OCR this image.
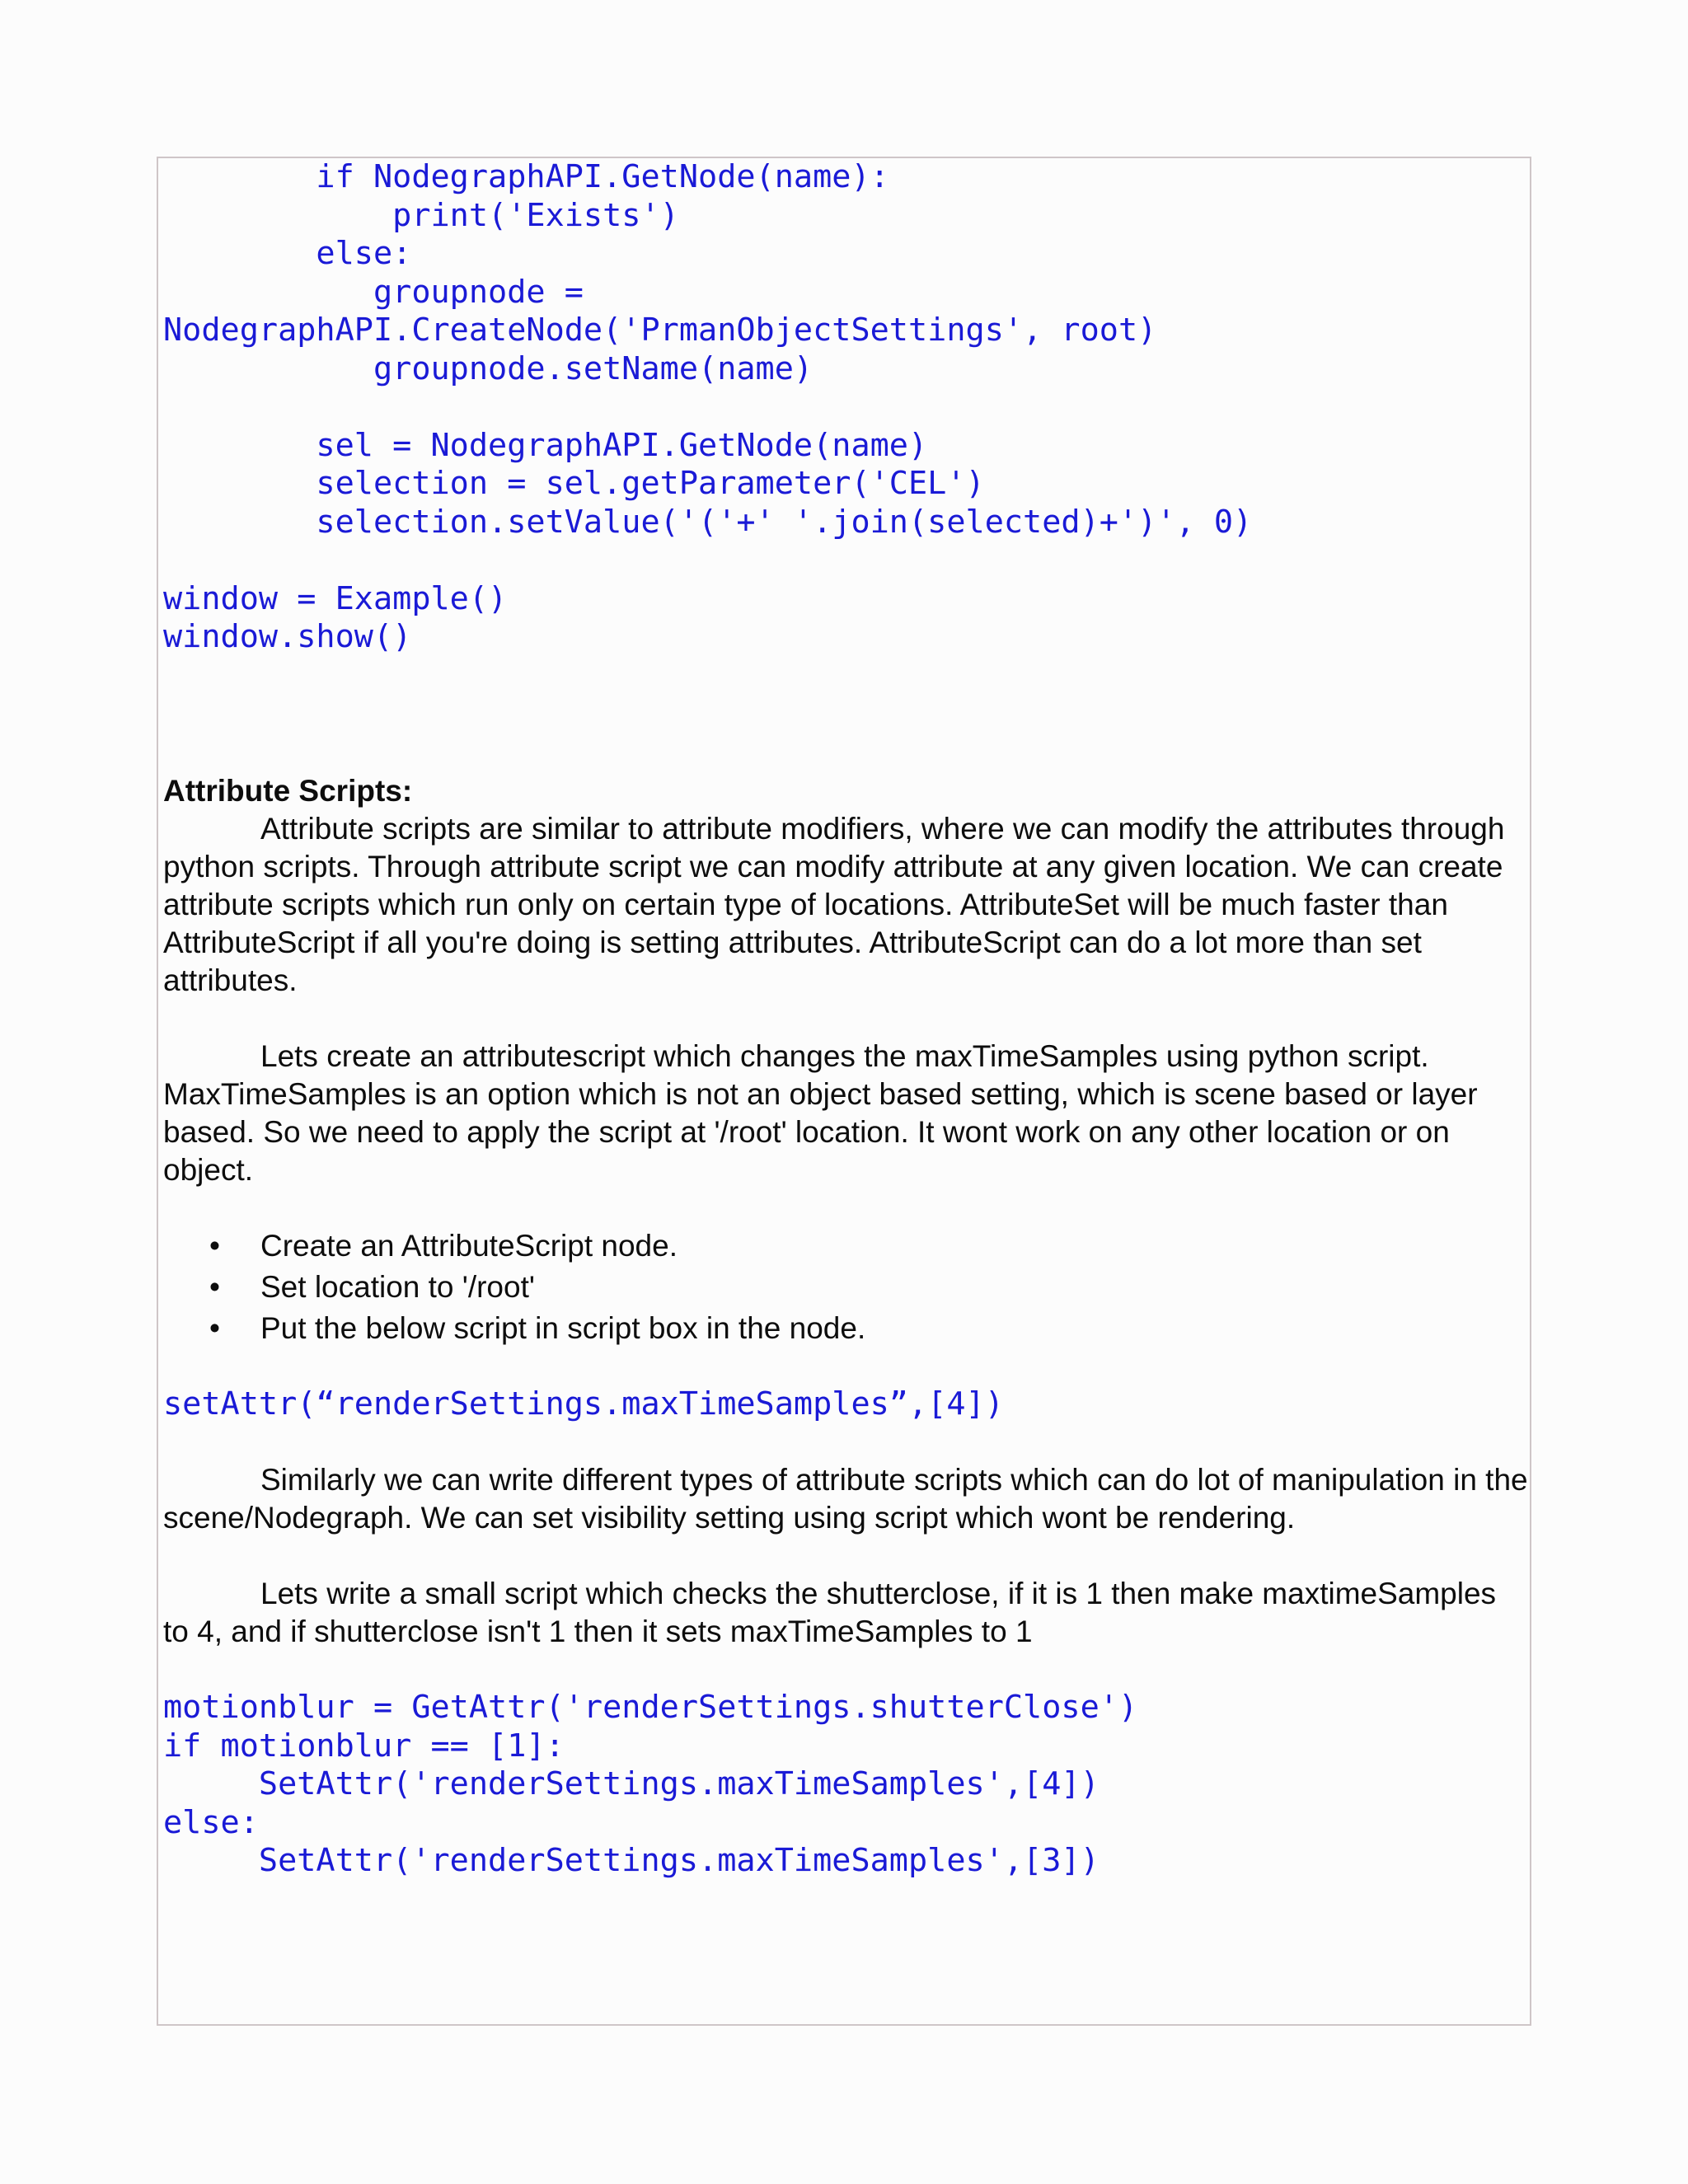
if NodegraphAPI.GetNode(name):
print('Exists')
else:
groupnode =
NodegraphAPI.CreateNode('PrmanObjectSettings', root)
groupnode.setName(name)
sel = NodegraphAPI.GetNode(name)
selection = sel.getParameter('CEL')
selection.setValue('('+' '.join(selected)+')', 0)
window = Example()
window.show()

Attribute Scripts:

Attribute scripts are similar to attribute modifiers, where we can modify the attributes through python scripts. Through attribute script we can modify attribute at any given location. We can create attribute scripts which run only on certain type of locations. AttributeSet will be much faster than AttributeScript if all you're doing is setting attributes. AttributeScript can do a lot more than set attributes.

Lets create an attributescript which changes the maxTimeSamples using python script. MaxTimeSamples is an option which is not an object based setting, which is scene based or layer based. So we need to apply the script at '/root' location. It wont work on any other location or on object.

• Create an AttributeScript node.
• Set location to '/root'
• Put the below script in script box in the node.
setAttr(“renderSettings.maxTimeSamples”,[4])

Similarly we can write different types of attribute scripts which can do lot of manipulation in the scene/Nodegraph. We can set visibility setting using script which wont be rendering.

Lets write a small script which checks the shutterclose, if it is 1 then make maxtimeSamples to 4, and if shutterclose isn't 1 then it sets maxTimeSamples to 1

motionblur = GetAttr('renderSettings.shutterClose')
if motionblur == [1]:
SetAttr('renderSettings.maxTimeSamples',[4])
else:
SetAttr('renderSettings.maxTimeSamples',[3])
